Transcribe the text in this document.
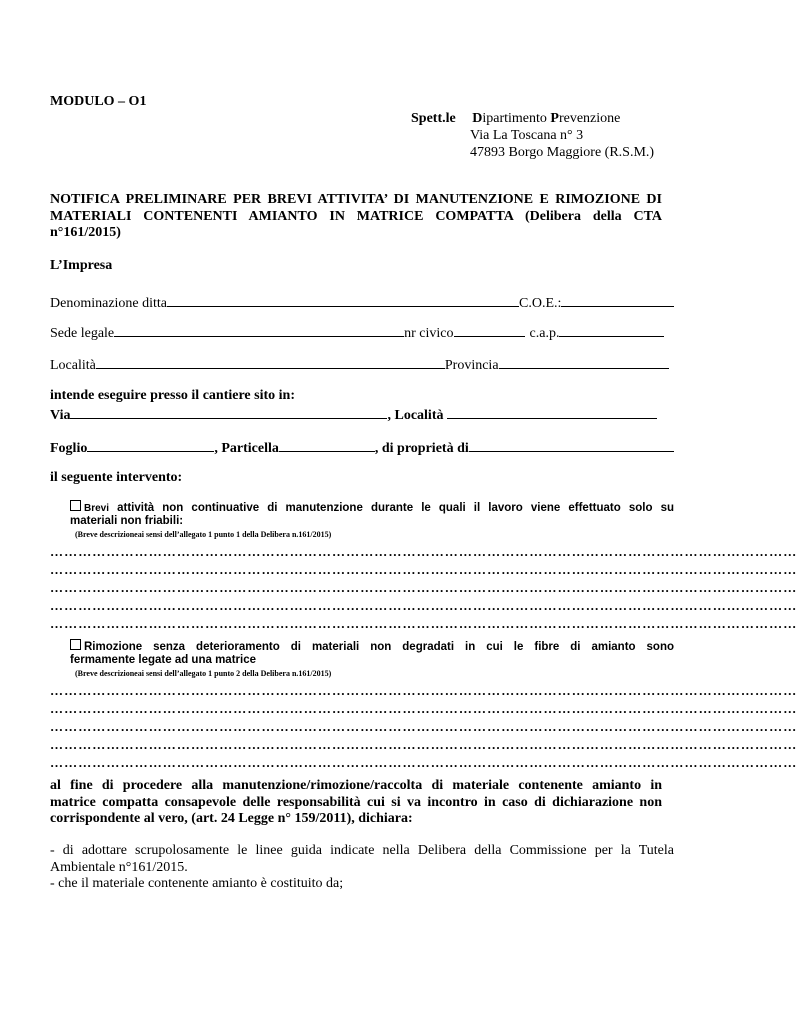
MODULO – O1
Spett.le Dipartimento Prevenzione
Via La Toscana n° 3
47893 Borgo Maggiore (R.S.M.)
NOTIFICA PRELIMINARE PER BREVI ATTIVITA’ DI MANUTENZIONE E RIMOZIONE DI
MATERIALI CONTENENTI AMIANTO IN MATRICE COMPATTA (Delibera della CTA
n°161/2015)
L’Impresa
Denominazione ditta	C.O.E.:
Sede legale	nr civico	c.a.p.
Località	Provincia
intende eseguire presso il cantiere sito in:
Via	, Località
Foglio	, Particella	, di proprietà di
il seguente intervento:
Brevi attività non continuative di manutenzione durante le quali il lavoro viene effettuato solo su
materiali non friabili:
(Breve descrizioneai sensi dell’allegato 1 punto 1 della Delibera n.161/2015)
……………………………………………………………………………………………………………………………………………
……………………………………………………………………………………………………………………………………………
……………………………………………………………………………………………………………………………………………
……………………………………………………………………………………………………………………………………………
……………………………………………………………………………………………………………………………………………
Rimozione senza deterioramento di materiali non degradati in cui le fibre di amianto sono
fermamente legate ad una matrice
(Breve descrizioneai sensi dell’allegato 1 punto 2 della Delibera n.161/2015)
……………………………………………………………………………………………………………………………………………
……………………………………………………………………………………………………………………………………………
……………………………………………………………………………………………………………………………………………
……………………………………………………………………………………………………………………………………………
……………………………………………………………………………………………………………………………………………
al fine di procedere alla manutenzione/rimozione/raccolta di materiale contenente amianto in
matrice compatta consapevole delle responsabilità cui si va incontro in caso di dichiarazione non
corrispondente al vero, (art. 24 Legge n° 159/2011), dichiara:
- di adottare scrupolosamente le linee guida indicate nella Delibera della Commissione per la Tutela
Ambientale n°161/2015.
- che il materiale contenente amianto è costituito da;
